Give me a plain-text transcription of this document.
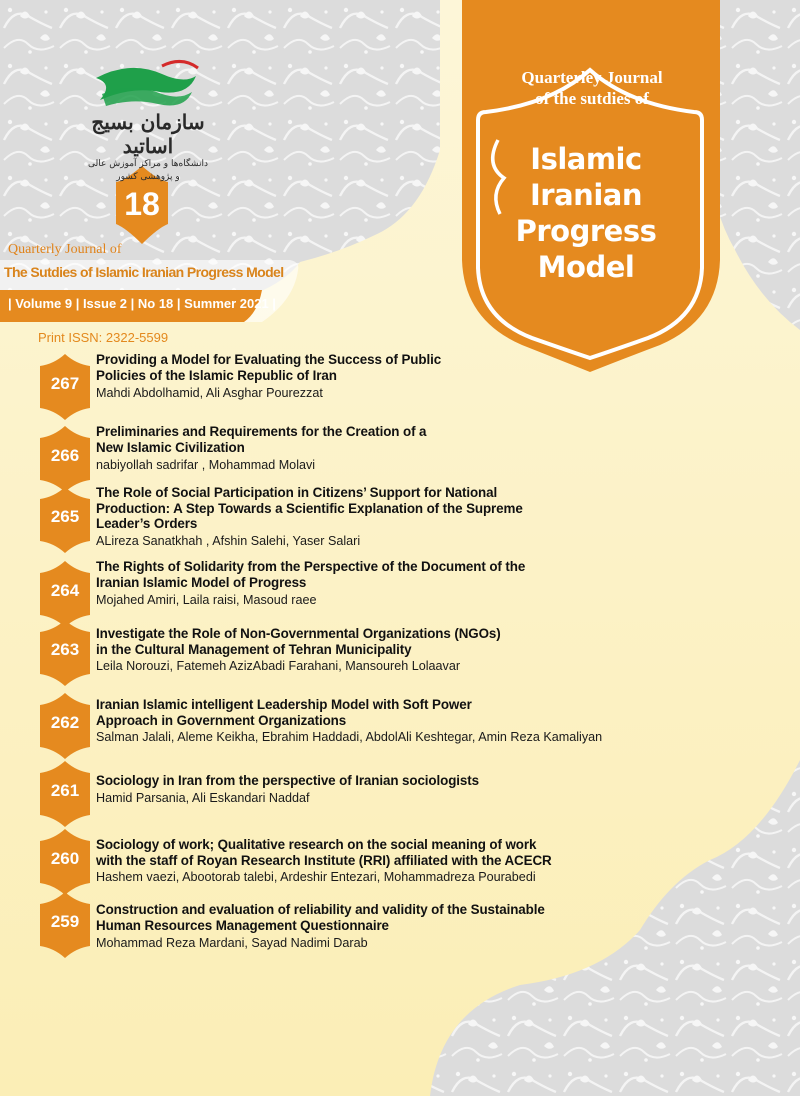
سازمان بسیج اساتید
دانشگاه‌ها و مراکز آموزش عالی و پژوهشی کشور
18
Quarterly Journal of
The Sutdies of Islamic Iranian Progress Model
| Volume 9 | Issue 2 | No 18 | Summer 2021 |
Print ISSN: 2322-5599
Quarterley Journal
of the sutdies of
Islamic
Iranian
Progress
Model
267
Providing a Model for Evaluating the Success of Public
Policies of the Islamic Republic of Iran
Mahdi Abdolhamid, Ali Asghar Pourezzat
266
Preliminaries and Requirements for the Creation of a
New Islamic Civilization
nabiyollah sadrifar , Mohammad Molavi
265
The Role of Social Participation in Citizens’ Support for National
Production: A Step Towards a Scientific Explanation of the Supreme
Leader’s Orders
ALireza Sanatkhah , Afshin Salehi, Yaser Salari
264
The Rights of Solidarity from the Perspective of the Document of the
Iranian Islamic Model of Progress
Mojahed Amiri, Laila raisi, Masoud raee
263
Investigate the Role of Non-Governmental Organizations (NGOs)
in the Cultural Management of Tehran Municipality
Leila Norouzi, Fatemeh AzizAbadi Farahani, Mansoureh Lolaavar
262
Iranian Islamic intelligent Leadership Model with Soft Power
Approach in Government Organizations
Salman Jalali, Aleme Keikha, Ebrahim Haddadi, AbdolAli Keshtegar, Amin Reza Kamaliyan
261
Sociology in Iran from the perspective of Iranian sociologists
Hamid Parsania, Ali Eskandari Naddaf
260
Sociology of work; Qualitative research on the social meaning of work
with the staff of Royan Research Institute (RRI) affiliated with the ACECR
Hashem vaezi, Abootorab talebi, Ardeshir Entezari, Mohammadreza Pourabedi
259
Construction and evaluation of reliability and validity of the Sustainable
Human Resources Management Questionnaire
Mohammad Reza Mardani, Sayad Nadimi Darab
